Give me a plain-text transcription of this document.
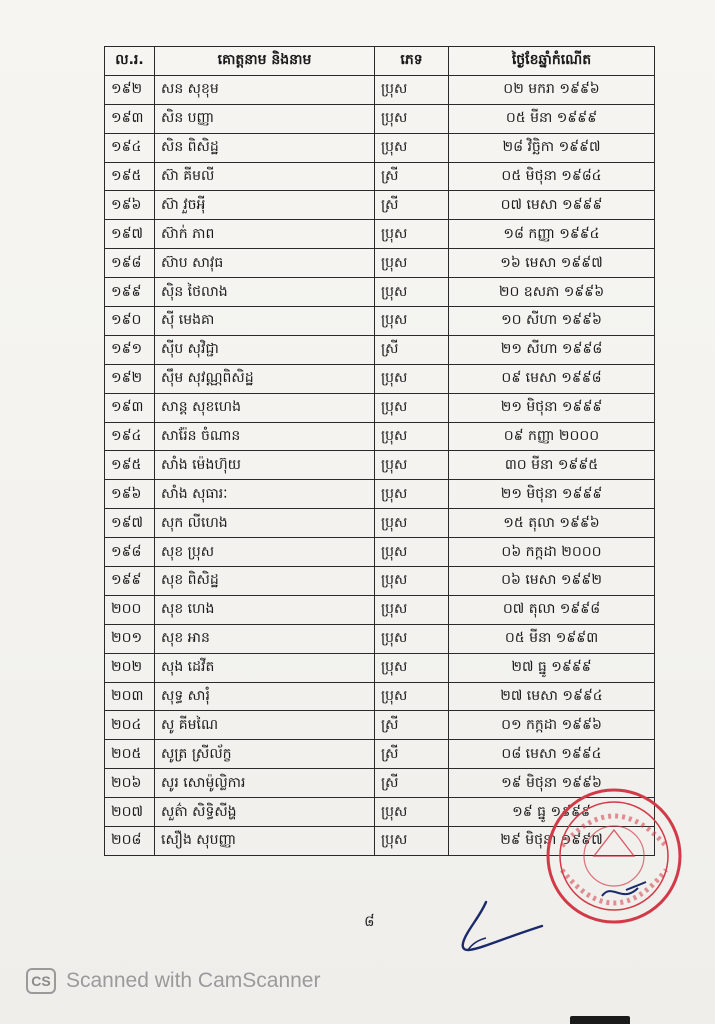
ល.រ.	គោត្តនាម និងនាម	ភេទ	ថ្ងៃខែឆ្នាំកំណើត
១៩២	សន សុខុម	ប្រុស	០២ មករា ១៩៩៦
១៩៣	សិន បញ្ញា	ប្រុស	០៥ មីនា ១៩៩៩
១៩៤	សិន ពិសិដ្ឋ	ប្រុស	២៨ វិច្ឆិកា ១៩៩៧
១៩៥	ស៊ា គីមលី	ស្រី	០៥ មិថុនា ១៩៨៤
១៩៦	ស៊ា វួចអុី	ស្រី	០៧ មេសា ១៩៩៩
១៩៧	ស៊ាក់ ភាព	ប្រុស	១៨ កញ្ញា ១៩៩៤
១៩៨	ស៊ាប សាវុធ	ប្រុស	១៦ មេសា ១៩៩៧
១៩៩	ស៊ិន ថៃលាង	ប្រុស	២០ ឧសភា ១៩៩៦
១៩០	ស៊ី មេងគា	ប្រុស	១០ សីហា ១៩៩៦
១៩១	ស៊ីប សុវិជ្ជា	ស្រី	២១ សីហា ១៩៩៨
១៩២	ស៊ឹម សុវណ្ណពិសិដ្ឋ	ប្រុស	០៩ មេសា ១៩៩៨
១៩៣	សាន្ត សុខហេង	ប្រុស	២១ មិថុនា ១៩៩៩
១៩៤	សារ៉ែន ចំណាន	ប្រុស	០៩ កញ្ញា ២០០០
១៩៥	សាំង ម៉េងហ៊ុយ	ប្រុស	៣០ មីនា ១៩៩៥
១៩៦	សាំង សុធារៈ	ប្រុស	២១ មិថុនា ១៩៩៩
១៩៧	សុក លីហេង	ប្រុស	១៥ តុលា ១៩៩៦
១៩៨	សុខ ប្រុស	ប្រុស	០៦ កក្កដា ២០០០
១៩៩	សុខ ពិសិដ្ឋ	ប្រុស	០៦ មេសា ១៩៩២
២០០	សុខ ហេង	ប្រុស	០៧ តុលា ១៩៩៨
២០១	សុខ អាន	ប្រុស	០៥ មីនា ១៩៩៣
២០២	សុង ដេវីត	ប្រុស	២៧ ធ្នូ ១៩៩៩
២០៣	សុទ្ធ សារុំ	ប្រុស	២៧ មេសា ១៩៩៤
២០៤	សូ គីមណៃ	ស្រី	០១ កក្កដា ១៩៩៦
២០៥	សូត្រ ស្រីល័ក្ខ	ស្រី	០៨ មេសា ១៩៩៤
២០៦	សូរ សោម៉ូល្លិការ	ស្រី	១៩ មិថុនា ១៩៩៦
២០៧	សួត៌ា សិទ្ធិសីង្ហ	ប្រុស	១៩ ធ្នូ ១៩៩៩
២០៨	សឿង សុបញ្ញា	ប្រុស	២៩ មិថុនា ១៩៩៧
៨
CS Scanned with CamScanner
